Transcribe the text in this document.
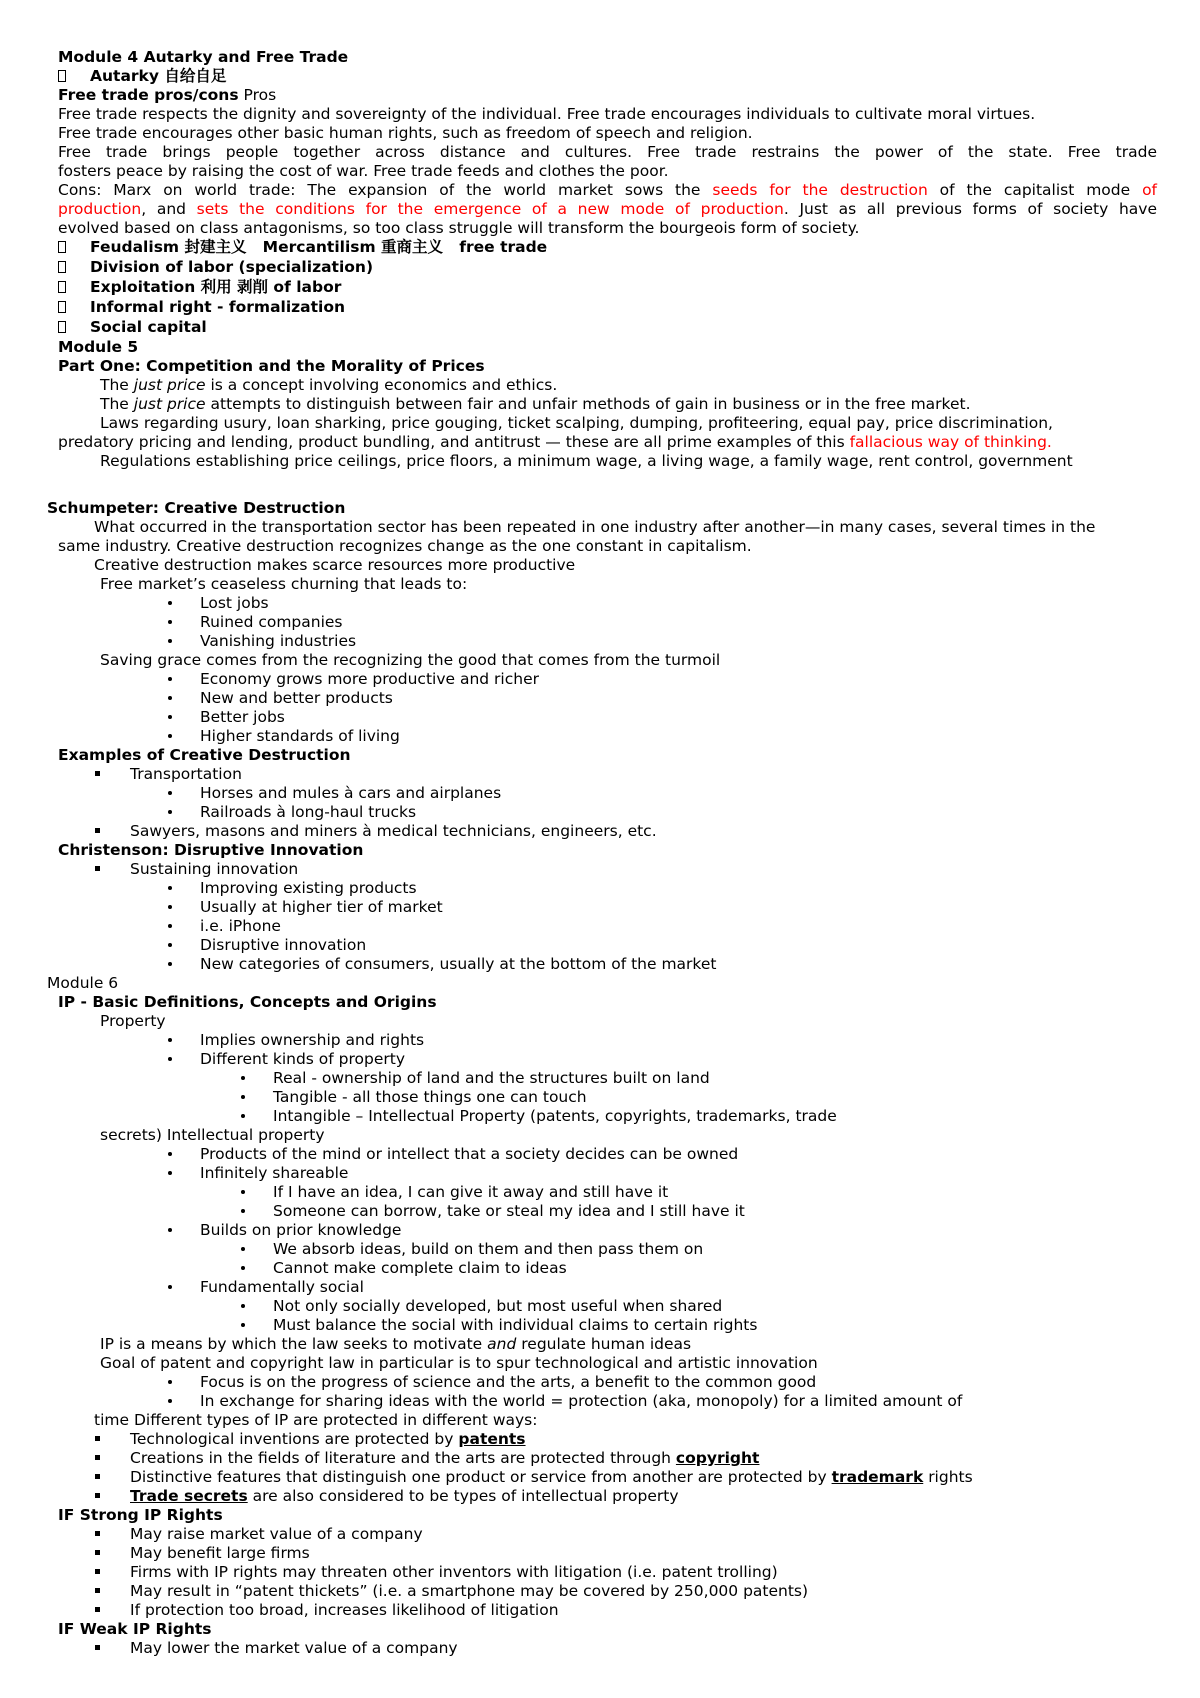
Module 4 Autarky and Free Trade
Autarky 自给自足
Free trade pros/cons Pros
Free trade respects the dignity and sovereignty of the individual. Free trade encourages individuals to cultivate moral virtues.
Free trade encourages other basic human rights, such as freedom of speech and religion.
Free trade brings people together across distance and cultures. Free trade restrains the power of the state. Free trade
fosters peace by raising the cost of war. Free trade feeds and clothes the poor.
Cons: Marx on world trade: The expansion of the world market sows the seeds for the destruction of the capitalist mode of
production, and sets the conditions for the emergence of a new mode of production. Just as all previous forms of society have
evolved based on class antagonisms, so too class struggle will transform the bourgeois form of society.
Feudalism 封建主义 Mercantilism 重商主义 free trade
Division of labor (specialization)
Exploitation 利用 剥削 of labor
Informal right - formalization
Social capital
Module 5
Part One: Competition and the Morality of Prices
The just price is a concept involving economics and ethics.
The just price attempts to distinguish between fair and unfair methods of gain in business or in the free market.
Laws regarding usury, loan sharking, price gouging, ticket scalping, dumping, profiteering, equal pay, price discrimination,
predatory pricing and lending, product bundling, and antitrust — these are all prime examples of this fallacious way of thinking.
Regulations establishing price ceilings, price floors, a minimum wage, a living wage, a family wage, rent control, government
Schumpeter: Creative Destruction
What occurred in the transportation sector has been repeated in one industry after another—in many cases, several times in the
same industry. Creative destruction recognizes change as the one constant in capitalism.
Creative destruction makes scarce resources more productive
Free market’s ceaseless churning that leads to:
Lost jobs
Ruined companies
Vanishing industries
Saving grace comes from the recognizing the good that comes from the turmoil
Economy grows more productive and richer
New and better products
Better jobs
Higher standards of living
Examples of Creative Destruction
Transportation
Horses and mules à cars and airplanes
Railroads à long-haul trucks
Sawyers, masons and miners à medical technicians, engineers, etc.
Christenson: Disruptive Innovation
Sustaining innovation
Improving existing products
Usually at higher tier of market
i.e. iPhone
Disruptive innovation
New categories of consumers, usually at the bottom of the market
Module 6
IP - Basic Definitions, Concepts and Origins
Property
Implies ownership and rights
Different kinds of property
Real - ownership of land and the structures built on land
Tangible - all those things one can touch
Intangible – Intellectual Property (patents, copyrights, trademarks, trade
secrets) Intellectual property
Products of the mind or intellect that a society decides can be owned
Infinitely shareable
If I have an idea, I can give it away and still have it
Someone can borrow, take or steal my idea and I still have it
Builds on prior knowledge
We absorb ideas, build on them and then pass them on
Cannot make complete claim to ideas
Fundamentally social
Not only socially developed, but most useful when shared
Must balance the social with individual claims to certain rights
IP is a means by which the law seeks to motivate and regulate human ideas
Goal of patent and copyright law in particular is to spur technological and artistic innovation
Focus is on the progress of science and the arts, a benefit to the common good
In exchange for sharing ideas with the world = protection (aka, monopoly) for a limited amount of
time Different types of IP are protected in different ways:
Technological inventions are protected by patents
Creations in the fields of literature and the arts are protected through copyright
Distinctive features that distinguish one product or service from another are protected by trademark rights
Trade secrets are also considered to be types of intellectual property
IF Strong IP Rights
May raise market value of a company
May benefit large firms
Firms with IP rights may threaten other inventors with litigation (i.e. patent trolling)
May result in “patent thickets” (i.e. a smartphone may be covered by 250,000 patents)
If protection too broad, increases likelihood of litigation
IF Weak IP Rights
May lower the market value of a company
